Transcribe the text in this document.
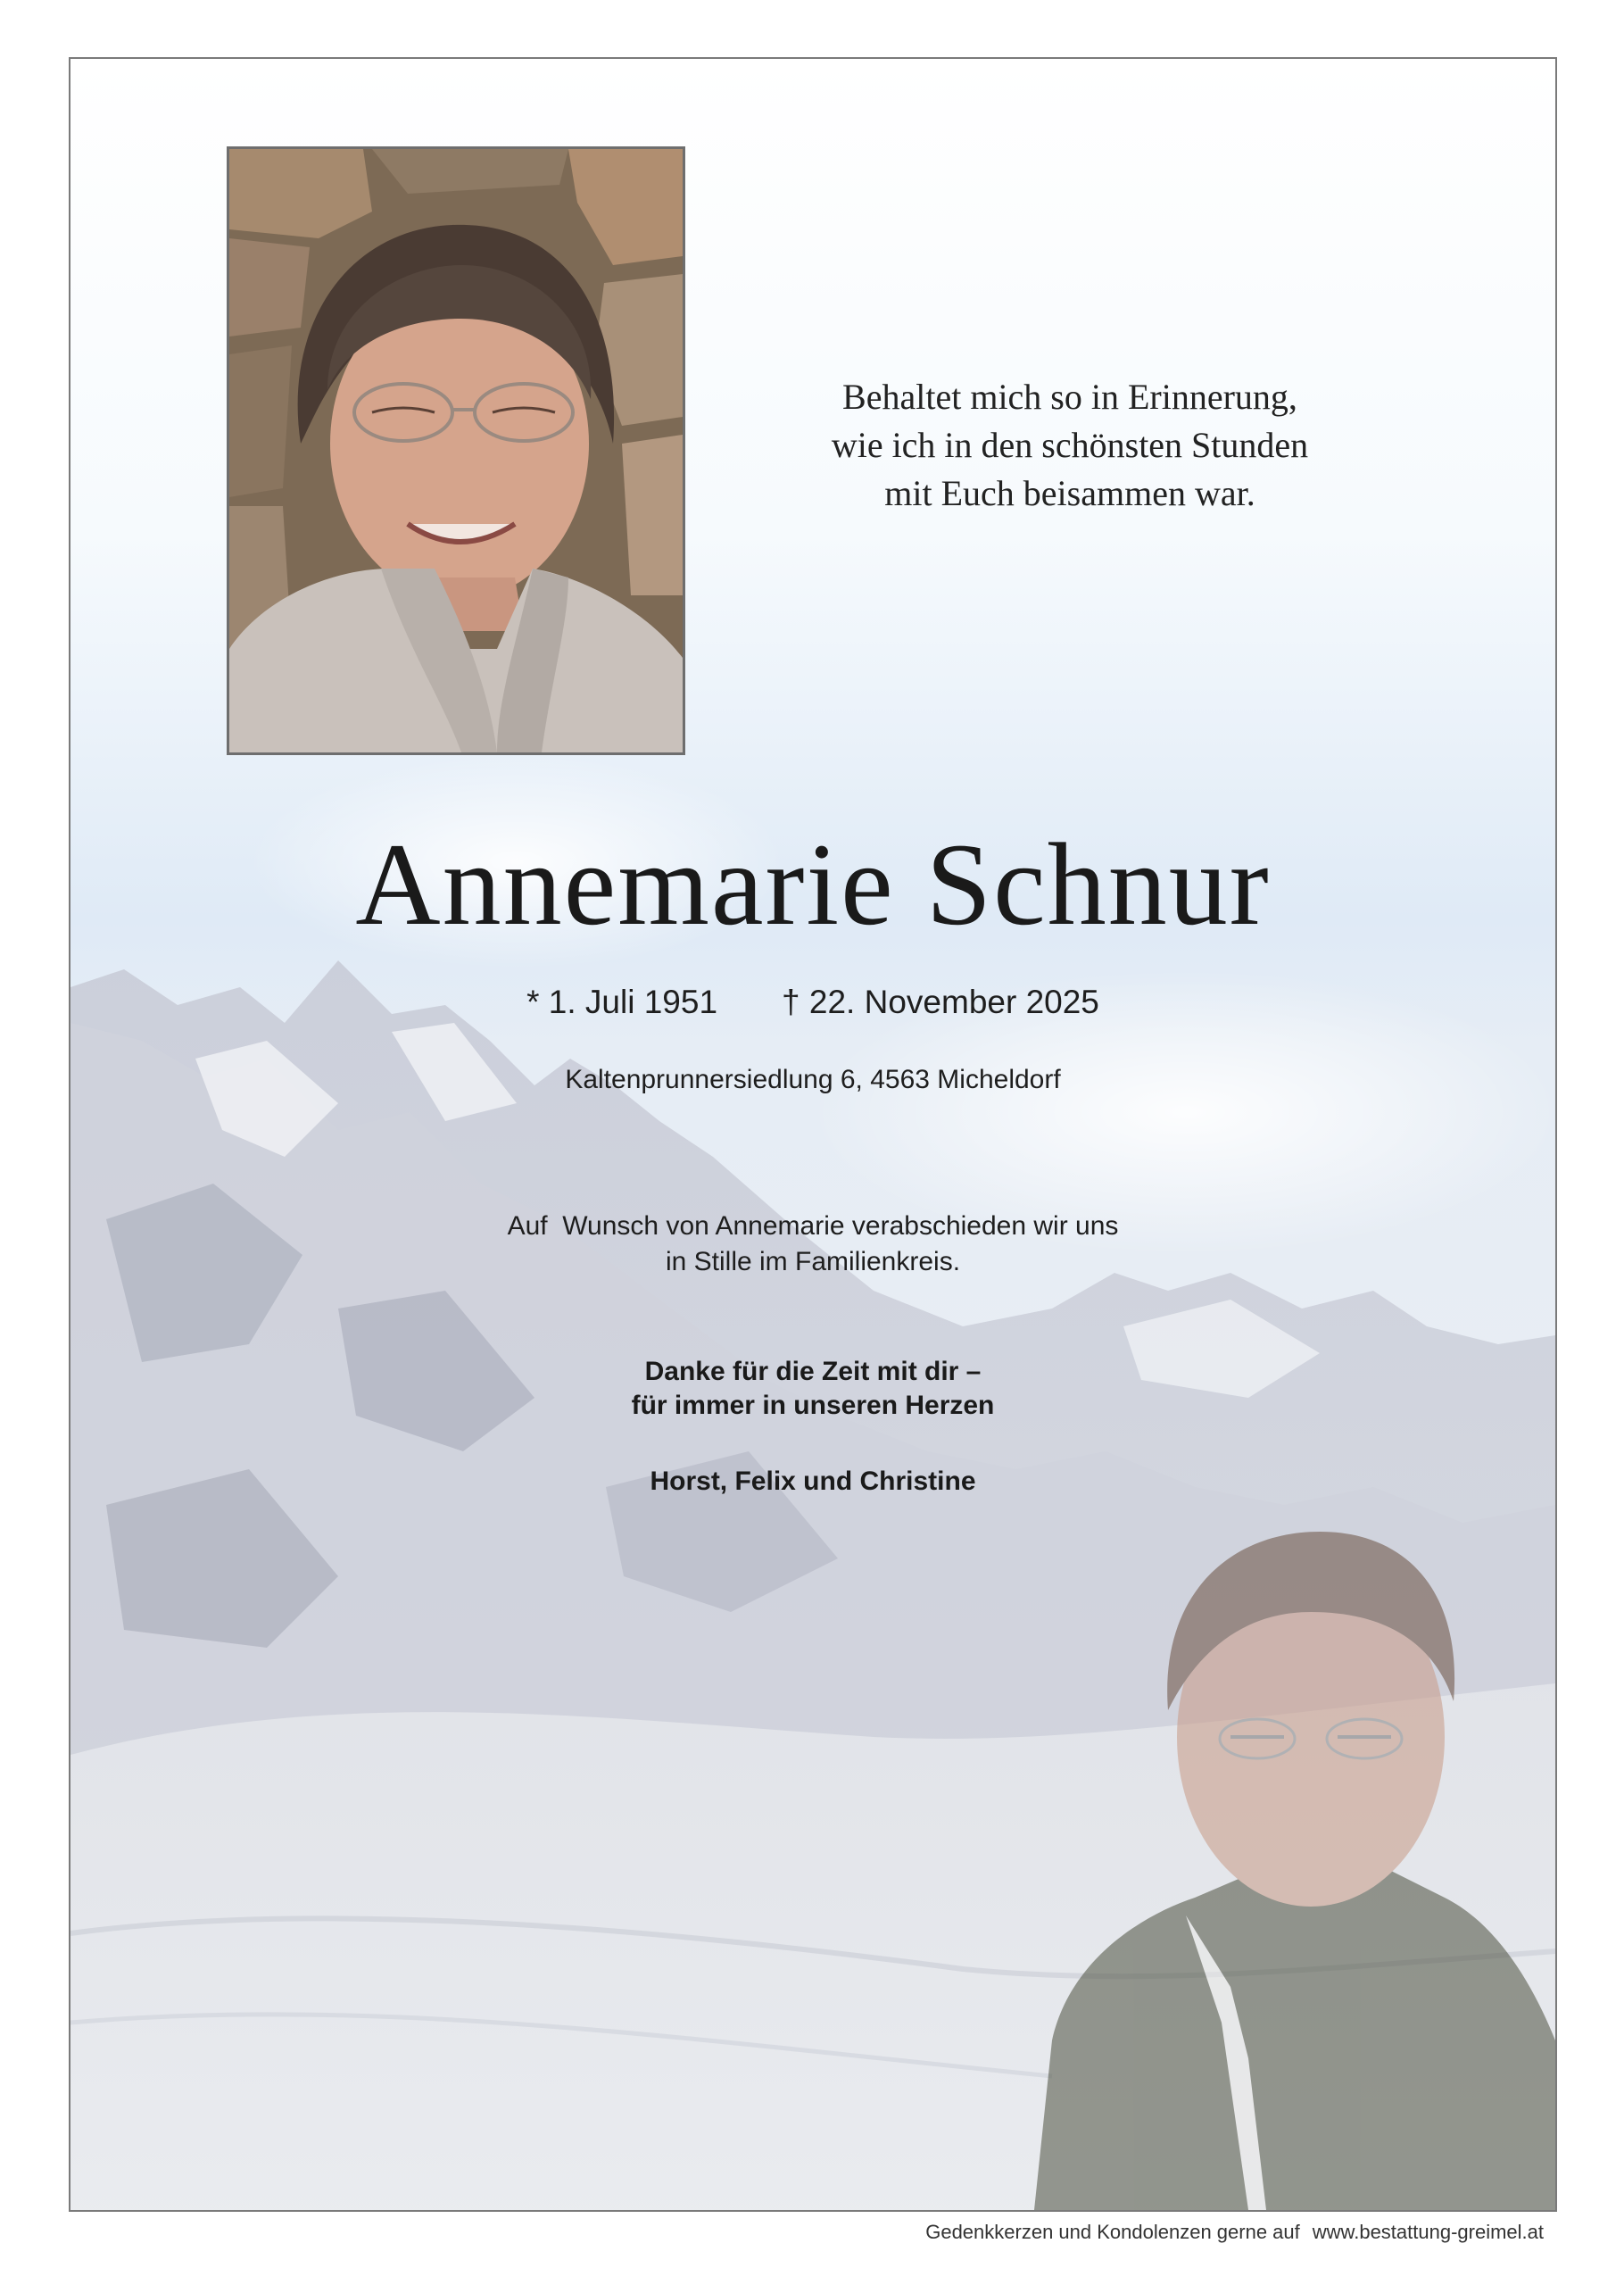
Behaltet mich so in Erinnerung,
wie ich in den schönsten Stunden
mit Euch beisammen war.
Annemarie Schnur
* 1. Juli 1951 † 22. November 2025
Kaltenprunnersiedlung 6, 4563 Micheldorf
Auf  Wunsch von Annemarie verabschieden wir uns
in Stille im Familienkreis.
Danke für die Zeit mit dir –
für immer in unseren Herzen
Horst, Felix und Christine
Gedenkkerzen und Kondolenzen gerne auf www.bestattung-greimel.at
